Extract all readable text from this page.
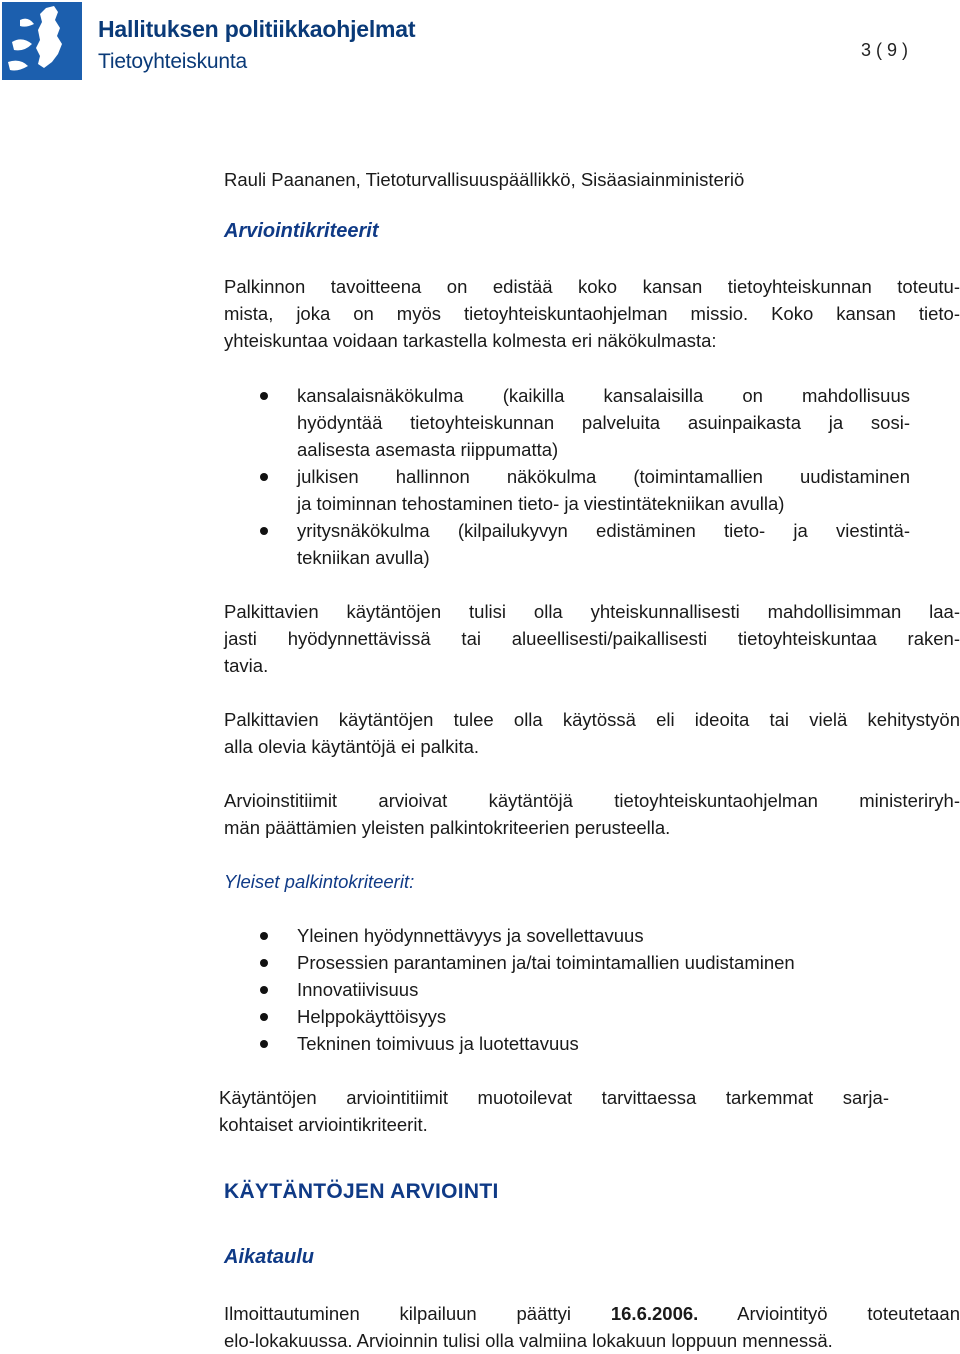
Hallituksen politiikkaohjelmat
Tietoyhteiskunta	3 ( 9 )
Rauli Paananen, Tietoturvallisuuspäällikkö, Sisäasiainministeriö
Arviointikriteerit
Palkinnon tavoitteena on edistää koko kansan tietoyhteiskunnan toteutu-
mista, joka on myös tietoyhteiskuntaohjelman missio. Koko kansan tieto-
yhteiskuntaa voidaan tarkastella kolmesta eri näkökulmasta:
kansalaisnäkökulma (kaikilla kansalaisilla on mahdollisuus
hyödyntää tietoyhteiskunnan palveluita asuinpaikasta ja sosi-
aalisesta asemasta riippumatta)
julkisen hallinnon näkökulma (toimintamallien uudistaminen
ja toiminnan tehostaminen tieto- ja viestintätekniikan avulla)
yritysnäkökulma (kilpailukyvyn edistäminen tieto- ja viestintä-
tekniikan avulla)
Palkittavien käytäntöjen tulisi olla yhteiskunnallisesti mahdollisimman laa-
jasti hyödynnettävissä tai alueellisesti/paikallisesti tietoyhteiskuntaa raken-
tavia.
Palkittavien käytäntöjen tulee olla käytössä eli ideoita tai vielä kehitystyön
alla olevia käytäntöjä ei palkita.
Arvioinstitiimit arvioivat käytäntöjä tietoyhteiskuntaohjelman ministeriryh-
män päättämien yleisten palkintokriteerien perusteella.
Yleiset palkintokriteerit:
Yleinen hyödynnettävyys ja sovellettavuus
Prosessien parantaminen ja/tai toimintamallien uudistaminen
Innovatiivisuus
Helppokäyttöisyys
Tekninen toimivuus ja luotettavuus
Käytäntöjen arviointitiimit muotoilevat tarvittaessa tarkemmat sarja-
kohtaiset arviointikriteerit.
KÄYTÄNTÖJEN ARVIOINTI
Aikataulu
Ilmoittautuminen kilpailuun päättyi 16.6.2006. Arviointityö toteutetaan
elo-lokakuussa. Arvioinnin tulisi olla valmiina lokakuun loppuun mennessä.
